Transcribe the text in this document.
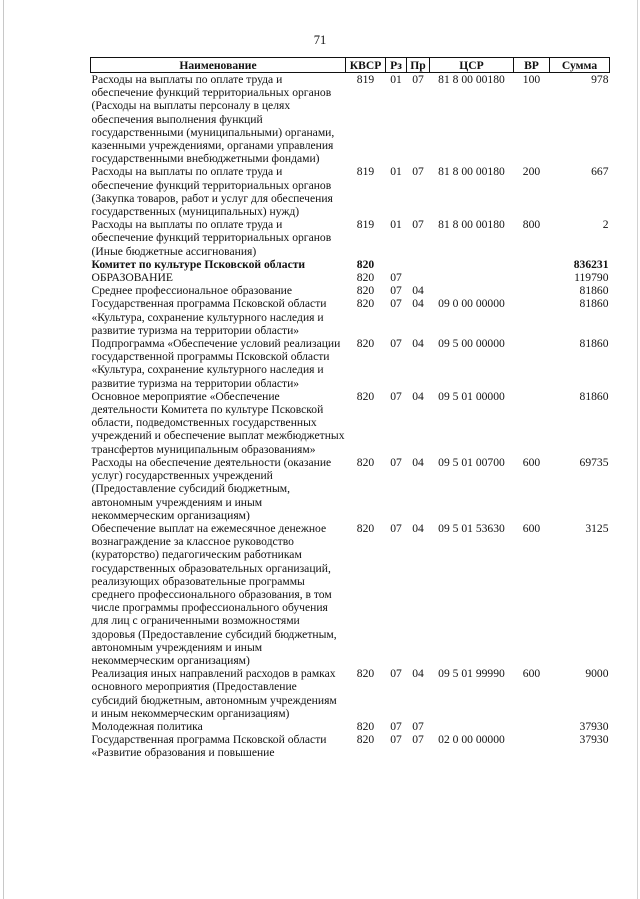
71
Наименование	КВСР	Рз	Пр	ЦСР	ВР	Сумма
Расходы на выплаты по оплате труда и обеспечение функций территориальных органов (Расходы на выплаты персоналу в целях обеспечения выполнения функций государственными (муниципальными) органами, казенными учреждениями, органами управления государственными внебюджетными фондами)	819	01	07	81 8 00 00180	100	978
Расходы на выплаты по оплате труда и обеспечение функций территориальных органов (Закупка товаров, работ и услуг для обеспечения государственных (муниципальных) нужд)	819	01	07	81 8 00 00180	200	667
Расходы на выплаты по оплате труда и обеспечение функций территориальных органов (Иные бюджетные ассигнования)	819	01	07	81 8 00 00180	800	2
Комитет по культуре Псковской области	820					836231
ОБРАЗОВАНИЕ	820	07				119790
Среднее профессиональное образование	820	07	04			81860
Государственная программа Псковской области «Культура, сохранение культурного наследия и развитие туризма на территории области»	820	07	04	09 0 00 00000		81860
Подпрограмма «Обеспечение условий реализации государственной программы Псковской области «Культура, сохранение культурного наследия и развитие туризма на территории области»	820	07	04	09 5 00 00000		81860
Основное мероприятие «Обеспечение деятельности Комитета по культуре Псковской области, подведомственных государственных учреждений и обеспечение выплат межбюджетных трансфертов муниципальным образованиям»	820	07	04	09 5 01 00000		81860
Расходы на обеспечение деятельности (оказание услуг) государственных учреждений (Предоставление субсидий бюджетным, автономным учреждениям и иным некоммерческим организациям)	820	07	04	09 5 01 00700	600	69735
Обеспечение выплат на ежемесячное денежное вознаграждение за классное руководство (кураторство) педагогическим работникам государственных образовательных организаций, реализующих образовательные программы среднего профессионального образования, в том числе программы профессионального обучения для лиц с ограниченными возможностями здоровья (Предоставление субсидий бюджетным, автономным учреждениям и иным некоммерческим организациям)	820	07	04	09 5 01 53630	600	3125
Реализация иных направлений расходов в рамках основного мероприятия (Предоставление субсидий бюджетным, автономным учреждениям и иным некоммерческим организациям)	820	07	04	09 5 01 99990	600	9000
Молодежная политика	820	07	07			37930
Государственная программа Псковской области «Развитие образования и повышение	820	07	07	02 0 00 00000		37930
